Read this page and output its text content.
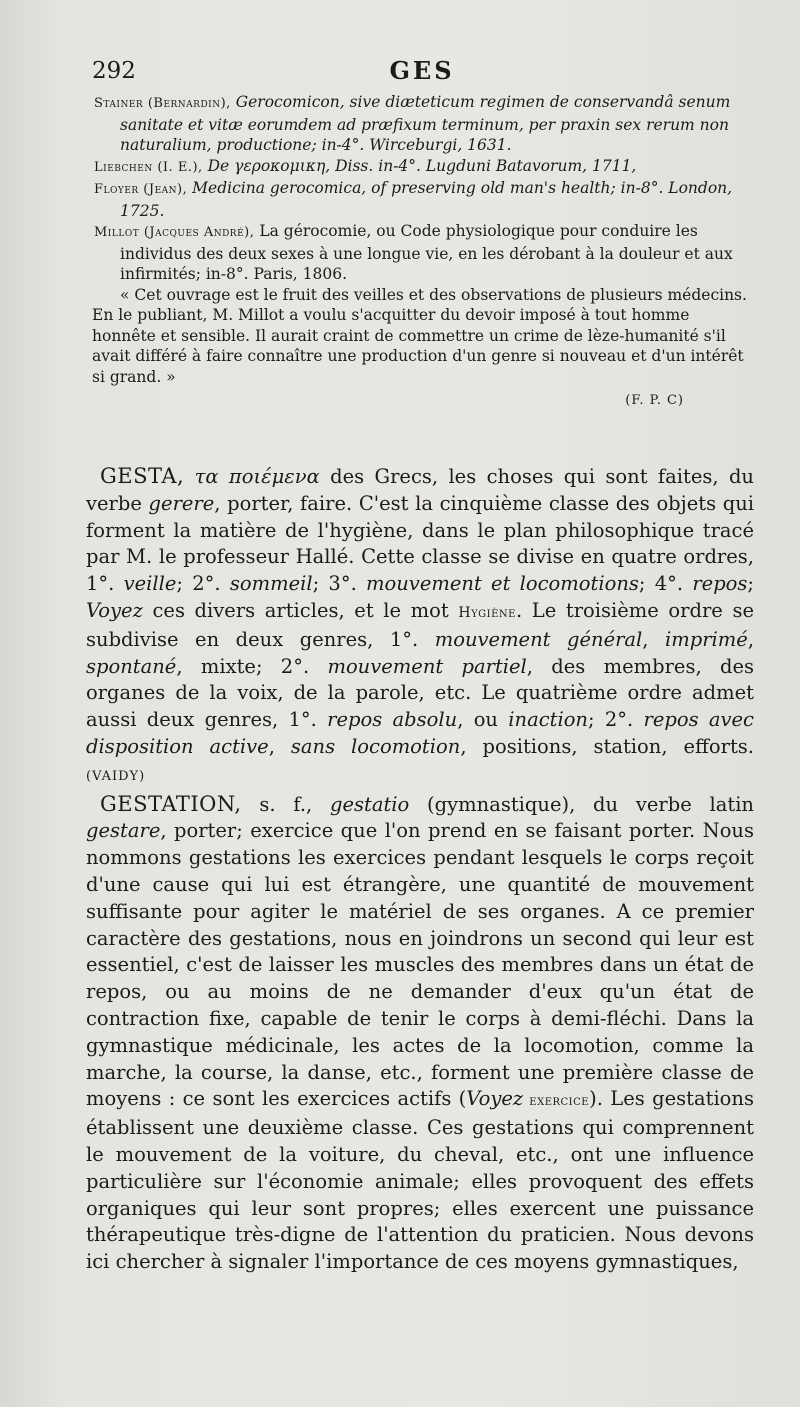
292	GES

Stainer (Bernardin), Gerocomicon, sive diæteticum regimen de conservandâ senum sanitate et vitæ eorumdem ad præfixum terminum, per praxin sex rerum non naturalium, productione; in-4°. Wirceburgi, 1631.

Liebchen (I. E.), De γεροκομικη, Diss. in-4°. Lugduni Batavorum, 1711,

Floyer (Jean), Medicina gerocomica, of preserving old man's health; in-8°. London, 1725.

Millot (Jacques André), La gérocomie, ou Code physiologique pour conduire les individus des deux sexes à une longue vie, en les dérobant à la douleur et aux infirmités; in-8°. Paris, 1806.

« Cet ouvrage est le fruit des veilles et des observations de plusieurs médecins. En le publiant, M. Millot a voulu s'acquitter du devoir imposé à tout homme honnête et sensible. Il aurait craint de commettre un crime de lèze-humanité s'il avait différé à faire connaître une production d'un genre si nouveau et d'un intérêt si grand. »

(F. P. C)

GESTA, τα ποιέμενα des Grecs, les choses qui sont faites, du verbe gerere, porter, faire. C'est la cinquième classe des objets qui forment la matière de l'hygiène, dans le plan philosophique tracé par M. le professeur Hallé. Cette classe se divise en quatre ordres, 1°. veille; 2°. sommeil; 3°. mouvement et locomotions; 4°. repos; Voyez ces divers articles, et le mot Hygiène. Le troisième ordre se subdivise en deux genres, 1°. mouvement général, imprimé, spontané, mixte; 2°. mouvement partiel, des membres, des organes de la voix, de la parole, etc. Le quatrième ordre admet aussi deux genres, 1°. repos absolu, ou inaction; 2°. repos avec disposition active, sans locomotion, positions, station, efforts. (VAIDY)

GESTATION, s. f., gestatio (gymnastique), du verbe latin gestare, porter; exercice que l'on prend en se faisant porter. Nous nommons gestations les exercices pendant lesquels le corps reçoit d'une cause qui lui est étrangère, une quantité de mouvement suffisante pour agiter le matériel de ses organes. A ce premier caractère des gestations, nous en joindrons un second qui leur est essentiel, c'est de laisser les muscles des membres dans un état de repos, ou au moins de ne demander d'eux qu'un état de contraction fixe, capable de tenir le corps à demi-fléchi. Dans la gymnastique médicinale, les actes de la locomotion, comme la marche, la course, la danse, etc., forment une première classe de moyens : ce sont les exercices actifs (Voyez exercice). Les gestations établissent une deuxième classe. Ces gestations qui comprennent le mouvement de la voiture, du cheval, etc., ont une influence particulière sur l'économie animale; elles provoquent des effets organiques qui leur sont propres; elles exercent une puissance thérapeutique très-digne de l'attention du praticien. Nous devons ici chercher à signaler l'importance de ces moyens gymnastiques,
